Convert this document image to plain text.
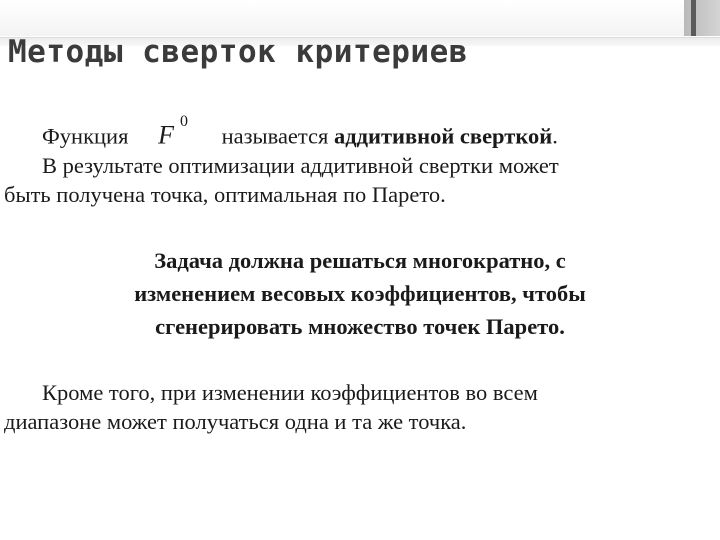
Методы сверток критериев

Функция F $^0$ называется аддитивной сверткой.
В результате оптимизации аддитивной свертки может
быть получена точка, оптимальная по Парето.

Задача должна решаться многократно, с
изменением весовых коэффициентов, чтобы
сгенерировать множество точек Парето.

Кроме того, при изменении коэффициентов во всем
диапазоне может получаться одна и та же точка.
